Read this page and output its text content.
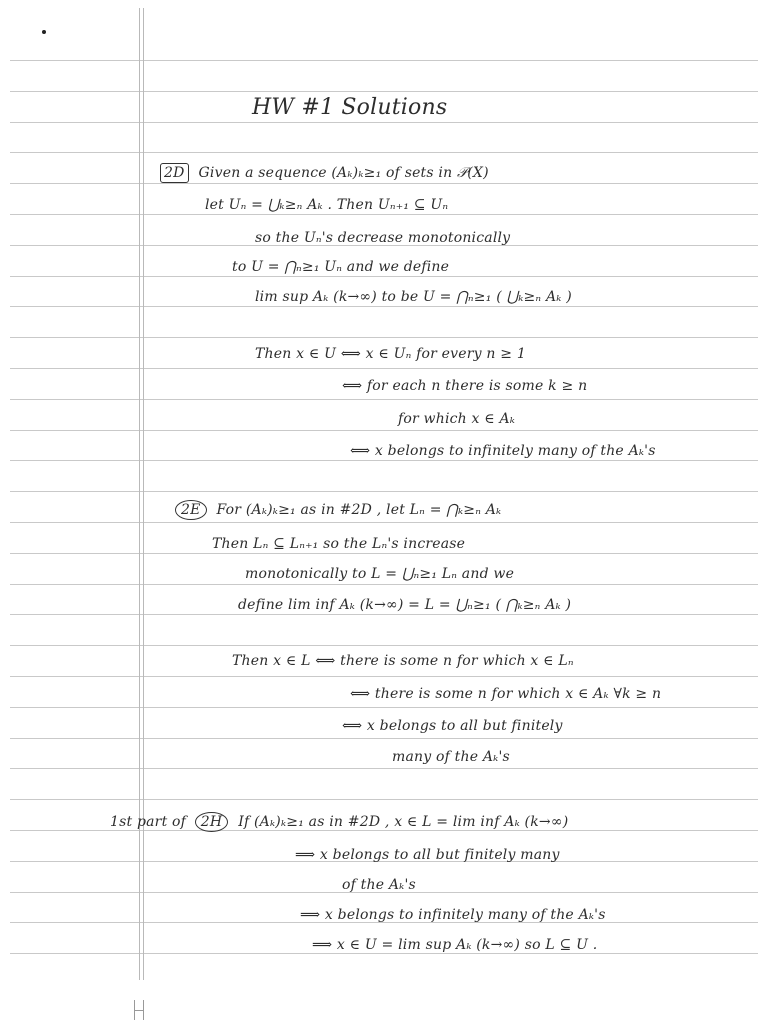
HW #1 Solutions
2D Given a sequence (Aₖ)ₖ≥₁ of sets in 𝒫(X)
let Uₙ = ⋃ₖ≥ₙ Aₖ . Then Uₙ₊₁ ⊆ Uₙ
so the Uₙ's decrease monotonically
to U = ⋂ₙ≥₁ Uₙ and we define
lim sup Aₖ (k→∞) to be U = ⋂ₙ≥₁ ( ⋃ₖ≥ₙ Aₖ )
Then x ∈ U ⟺ x ∈ Uₙ for every n ≥ 1
⟺ for each n there is some k ≥ n
for which x ∈ Aₖ
⟺ x belongs to infinitely many of the Aₖ's
2E For (Aₖ)ₖ≥₁ as in #2D , let Lₙ = ⋂ₖ≥ₙ Aₖ
Then Lₙ ⊆ Lₙ₊₁ so the Lₙ's increase
monotonically to L = ⋃ₙ≥₁ Lₙ and we
define lim inf Aₖ (k→∞) = L = ⋃ₙ≥₁ ( ⋂ₖ≥ₙ Aₖ )
Then x ∈ L ⟺ there is some n for which x ∈ Lₙ
⟺ there is some n for which x ∈ Aₖ ∀k ≥ n
⟺ x belongs to all but finitely
many of the Aₖ's
1st part of 2H If (Aₖ)ₖ≥₁ as in #2D , x ∈ L = lim inf Aₖ (k→∞)
⟹ x belongs to all but finitely many
of the Aₖ's
⟹ x belongs to infinitely many of the Aₖ's
⟹ x ∈ U = lim sup Aₖ (k→∞) so L ⊆ U .
